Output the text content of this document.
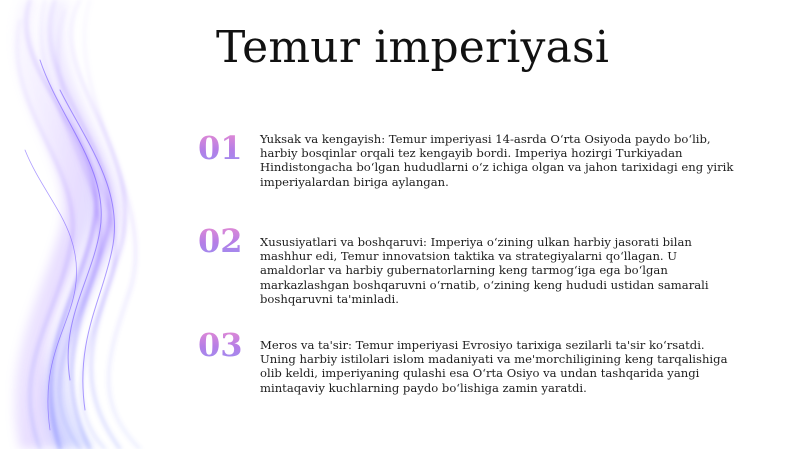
Temur imperiyasi
01 Yuksak va kengayish: Temur imperiyasi 14-asrda O‘rta Osiyoda paydo bo‘lib, harbiy bosqinlar orqali tez kengayib bordi. Imperiya hozirgi Turkiyadan Hindistongacha bo‘lgan hududlarni o‘z ichiga olgan va jahon tarixidagi eng yirik imperiyalardan biriga aylangan.

02 Xususiyatlari va boshqaruvi: Imperiya o‘zining ulkan harbiy jasorati bilan mashhur edi, Temur innovatsion taktika va strategiyalarni qo‘llagan. U amaldorlar va harbiy gubernatorlarning keng tarmog‘iga ega bo‘lgan markazlashgan boshqaruvni o‘rnatib, o‘zining keng hududi ustidan samarali boshqaruvni ta'minladi.

03 Meros va ta'sir: Temur imperiyasi Evrosiyo tarixiga sezilarli ta'sir ko‘rsatdi. Uning harbiy istilolari islom madaniyati va me'morchiligining keng tarqalishiga olib keldi, imperiyaning qulashi esa O‘rta Osiyo va undan tashqarida yangi mintaqaviy kuchlarning paydo bo‘lishiga zamin yaratdi.
